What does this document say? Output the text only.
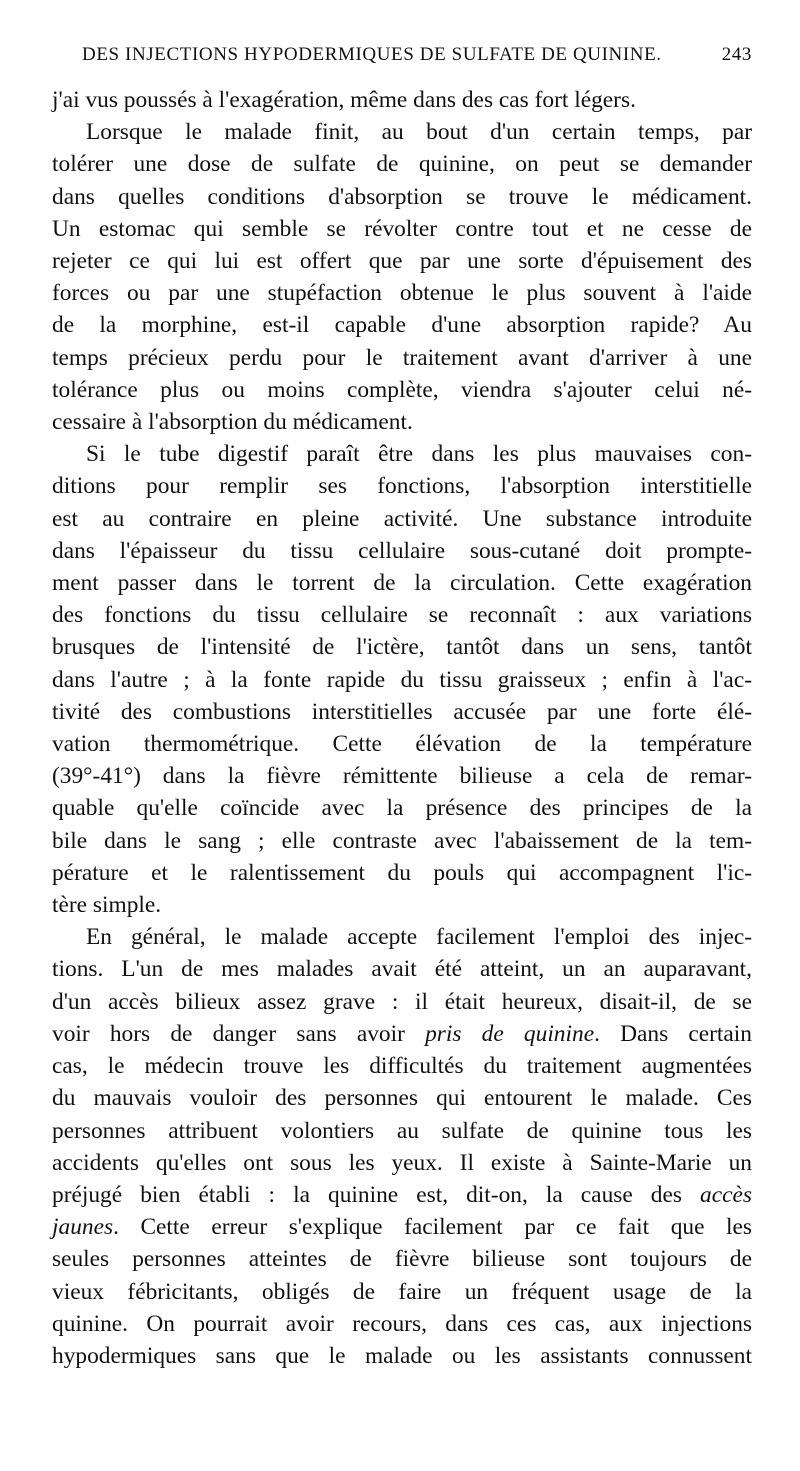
DES INJECTIONS HYPODERMIQUES DE SULFATE DE QUININE.	243

j'ai vus poussés à l'exagération, même dans des cas fort légers.

Lorsque le malade finit, au bout d'un certain temps, par
tolérer une dose de sulfate de quinine, on peut se demander
dans quelles conditions d'absorption se trouve le médicament.
Un estomac qui semble se révolter contre tout et ne cesse de
rejeter ce qui lui est offert que par une sorte d'épuisement des
forces ou par une stupéfaction obtenue le plus souvent à l'aide
de la morphine, est-il capable d'une absorption rapide? Au
temps précieux perdu pour le traitement avant d'arriver à une
tolérance plus ou moins complète, viendra s'ajouter celui né-
cessaire à l'absorption du médicament.

Si le tube digestif paraît être dans les plus mauvaises con-
ditions pour remplir ses fonctions, l'absorption interstitielle
est au contraire en pleine activité. Une substance introduite
dans l'épaisseur du tissu cellulaire sous-cutané doit prompte-
ment passer dans le torrent de la circulation. Cette exagération
des fonctions du tissu cellulaire se reconnaît : aux variations
brusques de l'intensité de l'ictère, tantôt dans un sens, tantôt
dans l'autre ; à la fonte rapide du tissu graisseux ; enfin à l'ac-
tivité des combustions interstitielles accusée par une forte élé-
vation thermométrique. Cette élévation de la température
(39°-41°) dans la fièvre rémittente bilieuse a cela de remar-
quable qu'elle coïncide avec la présence des principes de la
bile dans le sang ; elle contraste avec l'abaissement de la tem-
pérature et le ralentissement du pouls qui accompagnent l'ic-
tère simple.

En général, le malade accepte facilement l'emploi des injec-
tions. L'un de mes malades avait été atteint, un an auparavant,
d'un accès bilieux assez grave : il était heureux, disait-il, de se
voir hors de danger sans avoir pris de quinine. Dans certain
cas, le médecin trouve les difficultés du traitement augmentées
du mauvais vouloir des personnes qui entourent le malade. Ces
personnes attribuent volontiers au sulfate de quinine tous les
accidents qu'elles ont sous les yeux. Il existe à Sainte-Marie un
préjugé bien établi : la quinine est, dit-on, la cause des accès
jaunes. Cette erreur s'explique facilement par ce fait que les
seules personnes atteintes de fièvre bilieuse sont toujours de
vieux fébricitants, obligés de faire un fréquent usage de la
quinine. On pourrait avoir recours, dans ces cas, aux injections
hypodermiques sans que le malade ou les assistants connussent
